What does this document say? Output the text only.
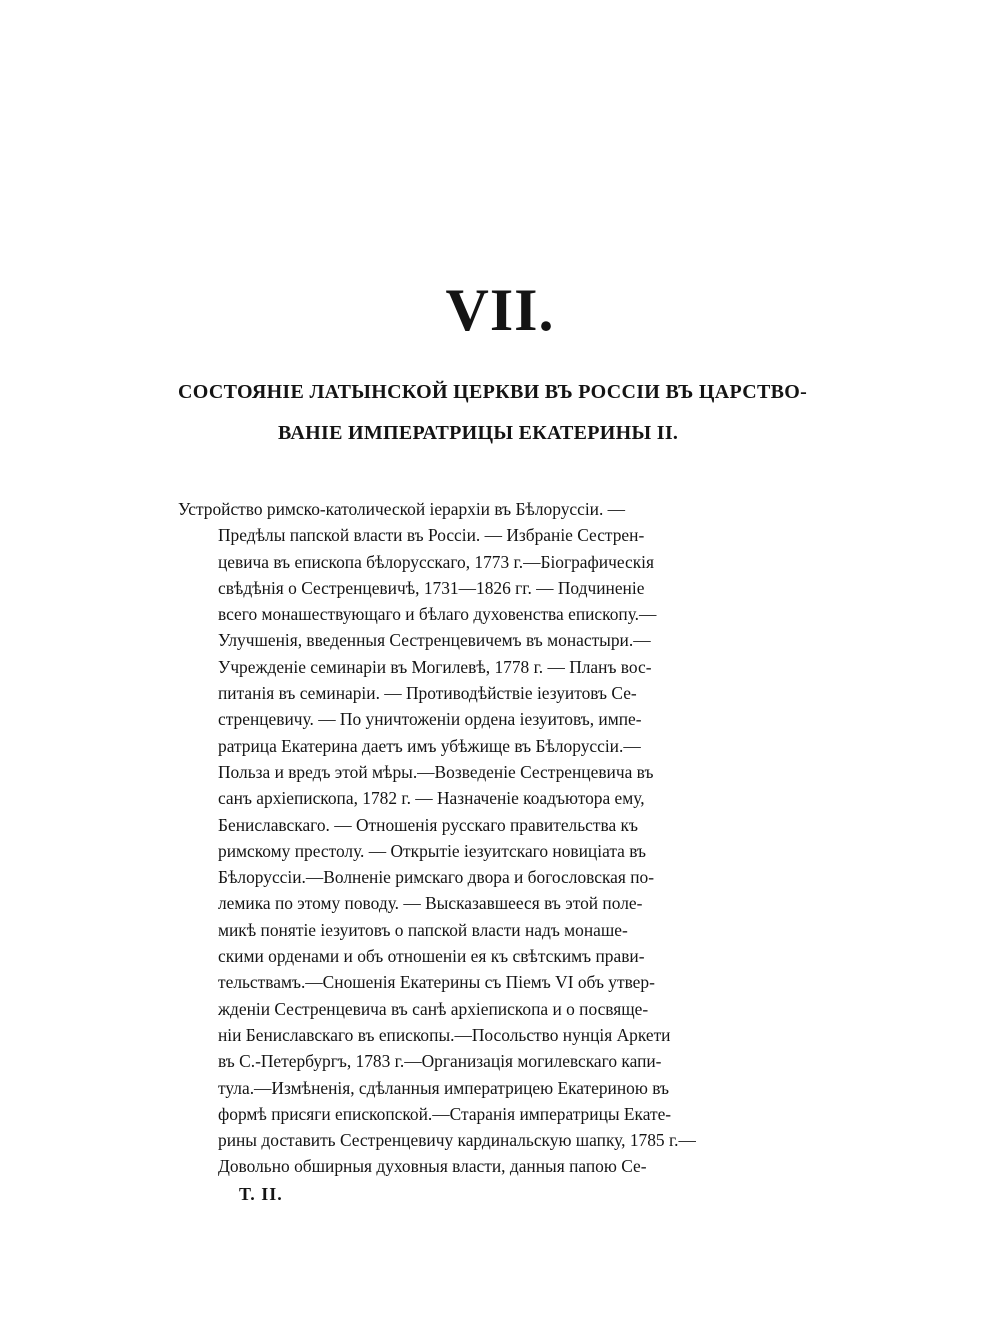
VII.
СОСТОЯНІЕ ЛАТЫНСКОЙ ЦЕРКВИ ВЪ РОССІИ ВЪ ЦАРСТВО-
ВАНІЕ ИМПЕРАТРИЦЫ ЕКАТЕРИНЫ II.
Устройство римско-католической іерархіи въ Бѣлоруссіи. —
Предѣлы папской власти въ Россіи. — Избраніе Сестрен-
цевича въ епископа бѣлорусскаго, 1773 г.—Біографическія
свѣдѣнія о Сестренцевичѣ, 1731—1826 гг. — Подчиненіе
всего монашествующаго и бѣлаго духовенства епископу.—
Улучшенія, введенныя Сестренцевичемъ въ монастыри.—
Учрежденіе семинаріи въ Могилевѣ, 1778 г. — Планъ вос-
питанія въ семинаріи. — Противодѣйствіе іезуитовъ Се-
стренцевичу. — По уничтоженіи ордена іезуитовъ, импе-
ратрица Екатерина даетъ имъ убѣжище въ Бѣлоруссіи.—
Польза и вредъ этой мѣры.—Возведеніе Сестренцевича въ
санъ архіепископа, 1782 г. — Назначеніе коадъютора ему,
Бениславскаго. — Отношенія русскаго правительства къ
римскому престолу. — Открытіе іезуитскаго новиціата въ
Бѣлоруссіи.—Волненіе римскаго двора и богословская по-
лемика по этому поводу. — Высказавшееся въ этой поле-
микѣ понятіе іезуитовъ о папской власти надъ монаше-
скими орденами и объ отношеніи ея къ свѣтскимъ прави-
тельствамъ.—Сношенія Екатерины съ Піемъ VI объ утвер-
жденіи Сестренцевича въ санѣ архіепископа и о посвяще-
ніи Бениславскаго въ епископы.—Посольство нунція Аркети
въ С.-Петербургъ, 1783 г.—Организація могилевскаго капи-
тула.—Измѣненія, сдѣланныя императрицею Екатериною въ
формѣ присяги епископской.—Старанія императрицы Екате-
рины доставить Сестренцевичу кардинальскую шапку, 1785 г.—
Довольно обширныя духовныя власти, данныя папою Се-
Т. II.
